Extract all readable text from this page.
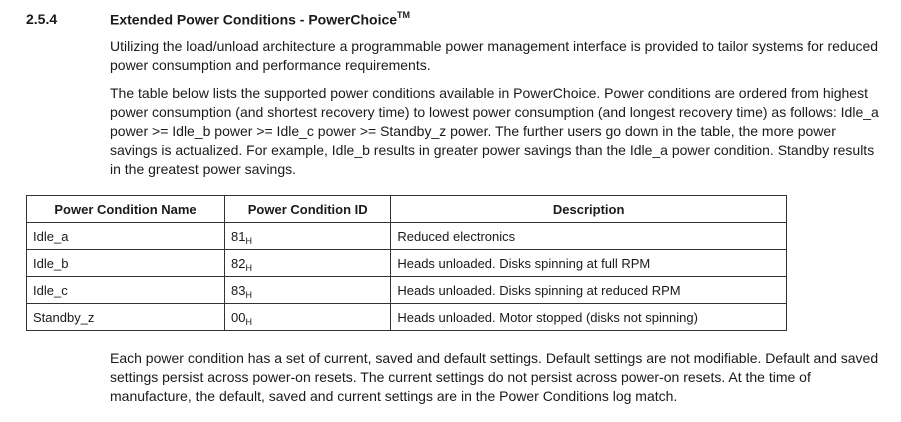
2.5.4	Extended Power Conditions - PowerChoice™

Utilizing the load/unload architecture a programmable power management interface is provided to tailor systems for reduced power consumption and performance requirements.

The table below lists the supported power conditions available in PowerChoice. Power conditions are ordered from highest power consumption (and shortest recovery time) to lowest power consumption (and longest recovery time) as follows: Idle_a power >= Idle_b power >= Idle_c power >= Standby_z power. The further users go down in the table, the more power savings is actualized. For example, Idle_b results in greater power savings than the Idle_a power condition. Standby results in the greatest power savings.

Power Condition Name	Power Condition ID	Description
Idle_a	$81_H$	Reduced electronics
Idle_b	$82_H$	Heads unloaded. Disks spinning at full RPM
Idle_c	$83_H$	Heads unloaded. Disks spinning at reduced RPM
Standby_z	$00_H$	Heads unloaded. Motor stopped (disks not spinning)

Each power condition has a set of current, saved and default settings. Default settings are not modifiable. Default and saved settings persist across power-on resets. The current settings do not persist across power-on resets. At the time of manufacture, the default, saved and current settings are in the Power Conditions log match.
